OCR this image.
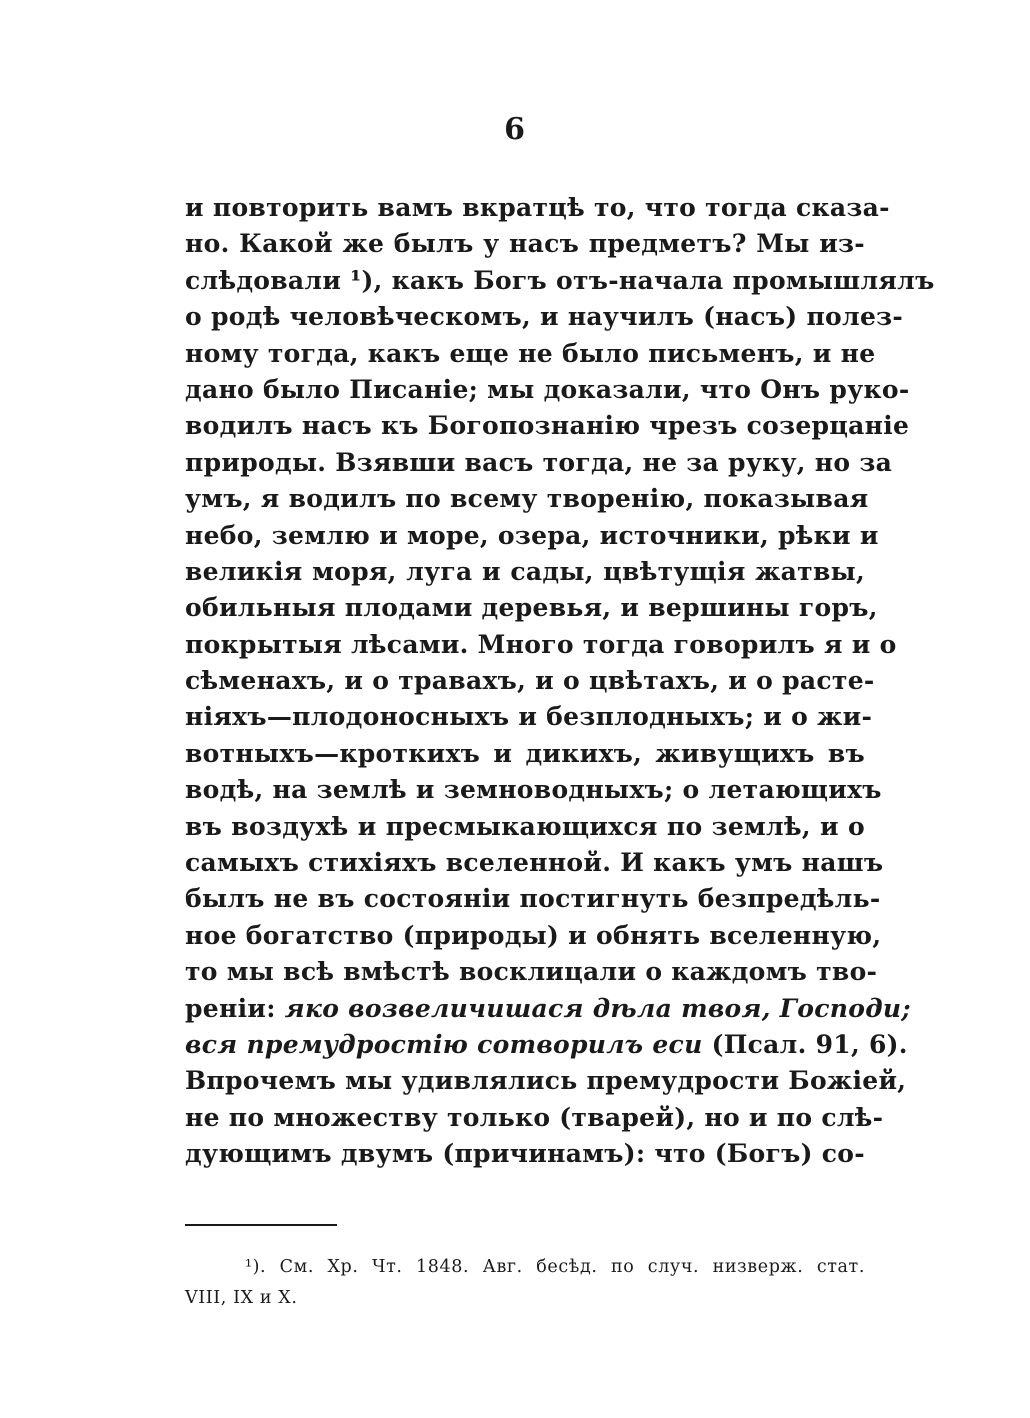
6
и повторить вамъ вкратцѣ то, что тогда сказа-
но. Какой же былъ у насъ предметъ? Мы из-
слѣдовали ¹), какъ Богъ отъ-начала промышлялъ
о родѣ человѣческомъ, и научилъ (насъ) полез-
ному тогда, какъ еще не было письменъ, и не
дано было Писаніе; мы доказали, что Онъ руко-
водилъ насъ къ Богопознанію чрезъ созерцаніе
природы. Взявши васъ тогда, не за руку, но за
умъ, я водилъ по всему творенію, показывая
небо, землю и море, озера, источники, рѣки и
великія моря, луга и сады, цвѣтущія жатвы,
обильныя плодами деревья, и вершины горъ,
покрытыя лѣсами. Много тогда говорилъ я и о
сѣменахъ, и о травахъ, и о цвѣтахъ, и о расте-
ніяхъ—плодоносныхъ и безплодныхъ; и о жи-
вотныхъ—кроткихъ и дикихъ, живущихъ въ
водѣ, на землѣ и земноводныхъ; о летающихъ
въ воздухѣ и пресмыкающихся по землѣ, и о
самыхъ стихіяхъ вселенной. И какъ умъ нашъ
былъ не въ состояніи постигнуть безпредѣль-
ное богатство (природы) и обнять вселенную,
то мы всѣ вмѣстѣ восклицали о каждомъ тво-
реніи: яко возвеличишася дѣла твоя, Господи;
вся премудростію сотворилъ еси (Псал. 91, 6).
Впрочемъ мы удивлялись премудрости Божіей,
не по множеству только (тварей), но и по слѣ-
дующимъ двумъ (причинамъ): что (Богъ) со-
¹). См. Хр. Чт. 1848. Авг. бесѣд. по случ. низверж. стат.
VIII, IX и X.
